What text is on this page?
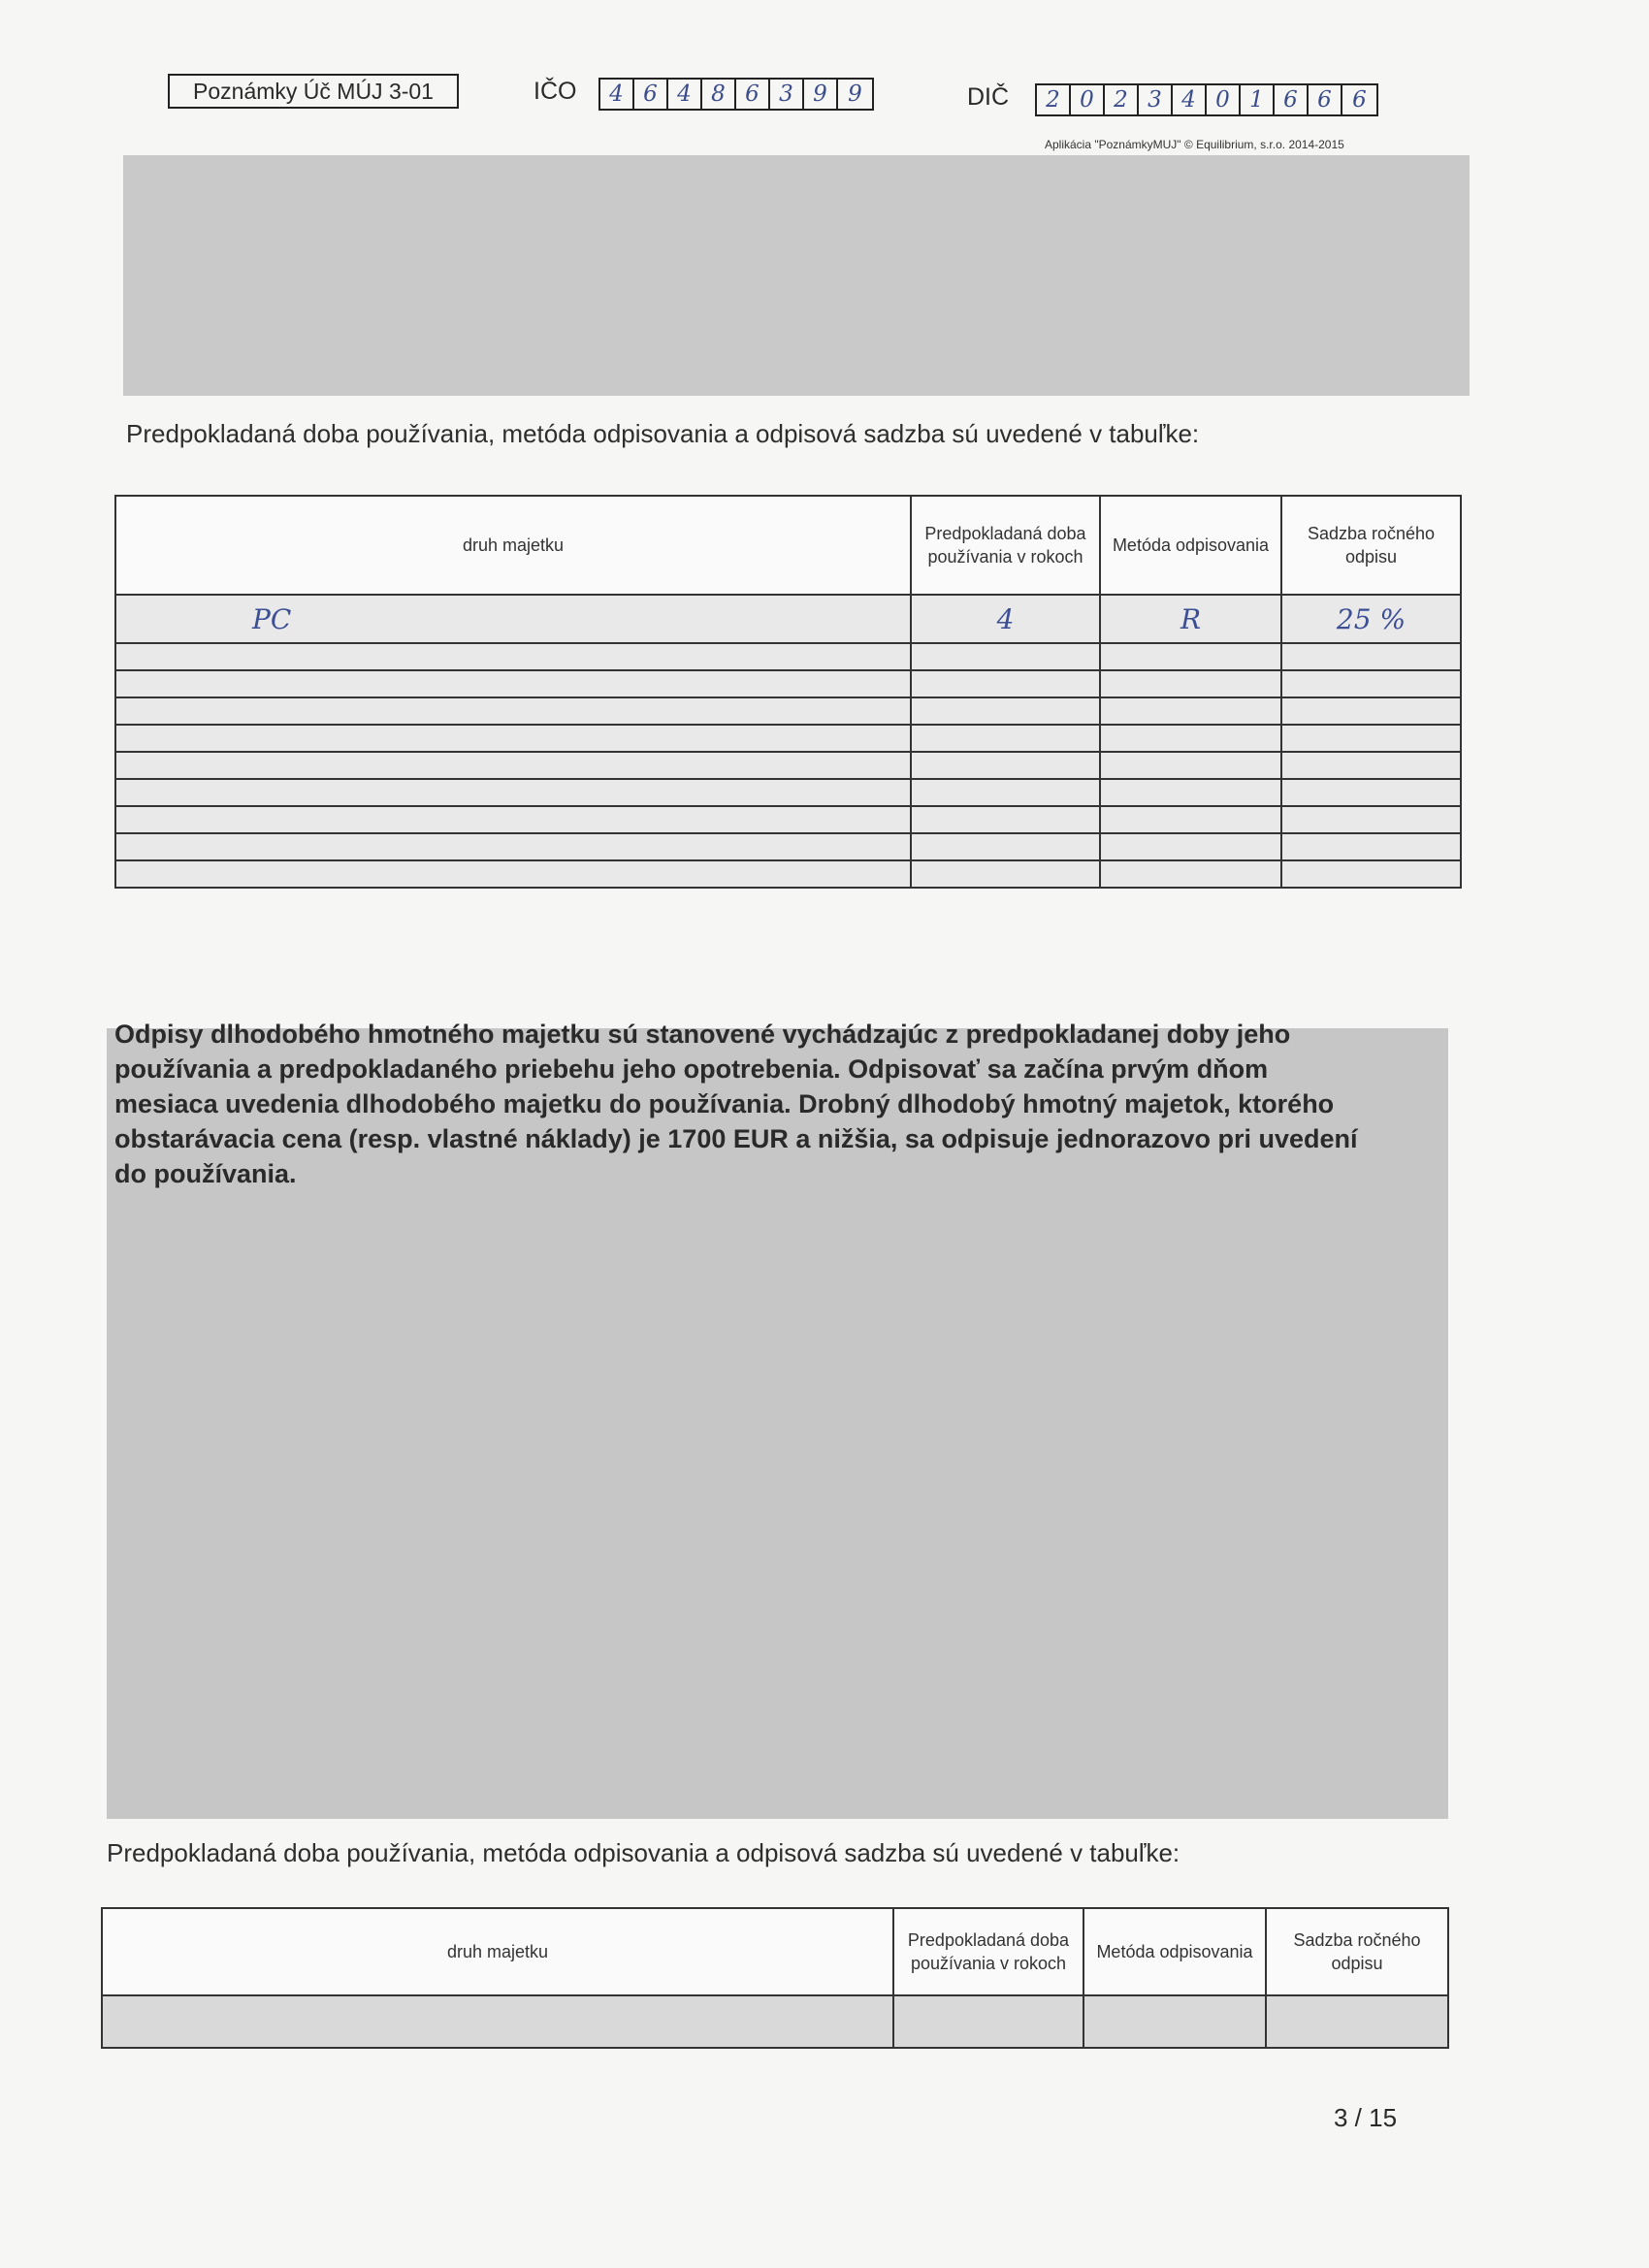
Poznámky Úč MÚJ 3-01	IČO	4 6 4 8 6 3 9 9	DIČ	2 0 2 3 4 0 1 6 6 6
Aplikácia "PoznámkyMUJ" © Equilibrium, s.r.o. 2014-2015
Predpokladaná doba používania, metóda odpisovania a odpisová sadzba sú uvedené v tabuľke:
druh majetku	Predpokladaná doba používania v rokoch	Metóda odpisovania	Sadzba ročného odpisu
PC	4	R	25 %

Odpisy dlhodobého hmotného majetku sú stanovené vychádzajúc z predpokladanej doby jeho používania a predpokladaného priebehu jeho opotrebenia. Odpisovať sa začína prvým dňom mesiaca uvedenia dlhodobého majetku do používania. Drobný dlhodobý hmotný majetok, ktorého obstarávacia cena (resp. vlastné náklady) je 1700 EUR a nižšia, sa odpisuje jednorazovo pri uvedení do používania.
Predpokladaná doba používania, metóda odpisovania a odpisová sadzba sú uvedené v tabuľke:
druh majetku	Predpokladaná doba používania v rokoch	Metóda odpisovania	Sadzba ročného odpisu

3 / 15
